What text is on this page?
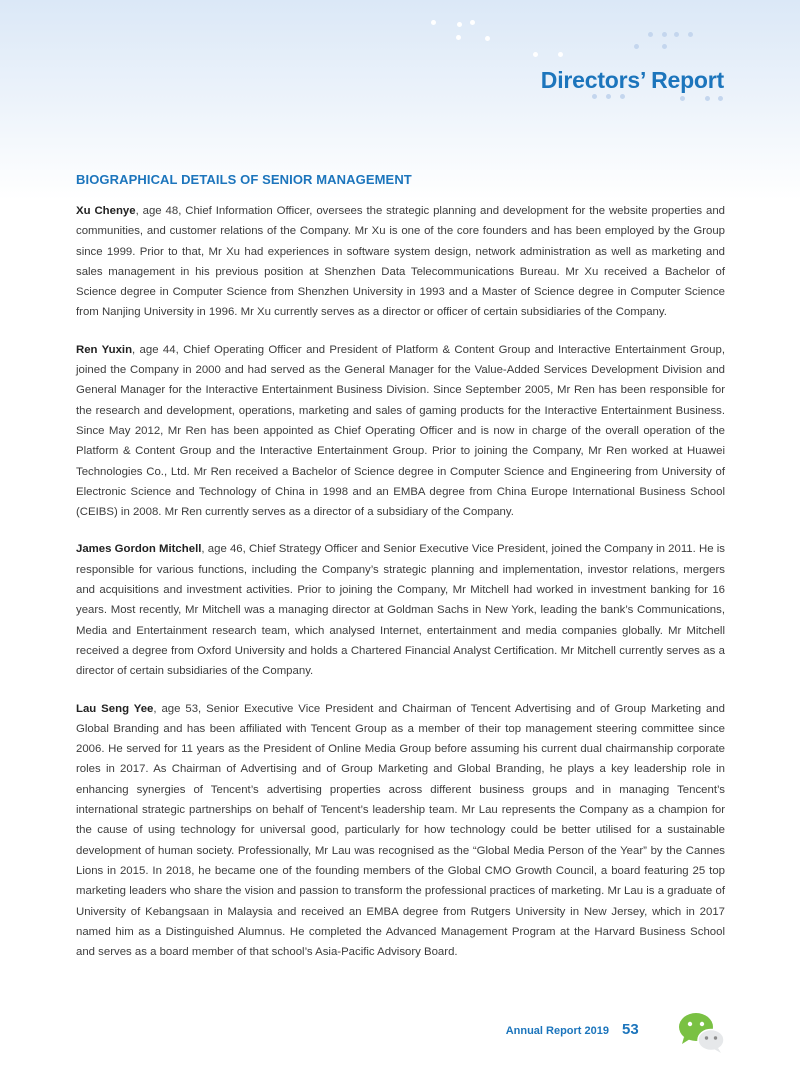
Directors’ Report
BIOGRAPHICAL DETAILS OF SENIOR MANAGEMENT

Xu Chenye, age 48, Chief Information Officer, oversees the strategic planning and development for the website properties and communities, and customer relations of the Company. Mr Xu is one of the core founders and has been employed by the Group since 1999. Prior to that, Mr Xu had experiences in software system design, network administration as well as marketing and sales management in his previous position at Shenzhen Data Telecommunications Bureau. Mr Xu received a Bachelor of Science degree in Computer Science from Shenzhen University in 1993 and a Master of Science degree in Computer Science from Nanjing University in 1996. Mr Xu currently serves as a director or officer of certain subsidiaries of the Company.

Ren Yuxin, age 44, Chief Operating Officer and President of Platform & Content Group and Interactive Entertainment Group, joined the Company in 2000 and had served as the General Manager for the Value-Added Services Development Division and General Manager for the Interactive Entertainment Business Division. Since September 2005, Mr Ren has been responsible for the research and development, operations, marketing and sales of gaming products for the Interactive Entertainment Business. Since May 2012, Mr Ren has been appointed as Chief Operating Officer and is now in charge of the overall operation of the Platform & Content Group and the Interactive Entertainment Group. Prior to joining the Company, Mr Ren worked at Huawei Technologies Co., Ltd. Mr Ren received a Bachelor of Science degree in Computer Science and Engineering from University of Electronic Science and Technology of China in 1998 and an EMBA degree from China Europe International Business School (CEIBS) in 2008. Mr Ren currently serves as a director of a subsidiary of the Company.

James Gordon Mitchell, age 46, Chief Strategy Officer and Senior Executive Vice President, joined the Company in 2011. He is responsible for various functions, including the Company’s strategic planning and implementation, investor relations, mergers and acquisitions and investment activities. Prior to joining the Company, Mr Mitchell had worked in investment banking for 16 years. Most recently, Mr Mitchell was a managing director at Goldman Sachs in New York, leading the bank’s Communications, Media and Entertainment research team, which analysed Internet, entertainment and media companies globally. Mr Mitchell received a degree from Oxford University and holds a Chartered Financial Analyst Certification. Mr Mitchell currently serves as a director of certain subsidiaries of the Company.

Lau Seng Yee, age 53, Senior Executive Vice President and Chairman of Tencent Advertising and of Group Marketing and Global Branding and has been affiliated with Tencent Group as a member of their top management steering committee since 2006. He served for 11 years as the President of Online Media Group before assuming his current dual chairmanship corporate roles in 2017. As Chairman of Advertising and of Group Marketing and Global Branding, he plays a key leadership role in enhancing synergies of Tencent’s advertising properties across different business groups and in managing Tencent’s international strategic partnerships on behalf of Tencent’s leadership team. Mr Lau represents the Company as a champion for the cause of using technology for universal good, particularly for how technology could be better utilised for a sustainable development of human society. Professionally, Mr Lau was recognised as the “Global Media Person of the Year” by the Cannes Lions in 2015. In 2018, he became one of the founding members of the Global CMO Growth Council, a board featuring 25 top marketing leaders who share the vision and passion to transform the professional practices of marketing. Mr Lau is a graduate of University of Kebangsaan in Malaysia and received an EMBA degree from Rutgers University in New Jersey, which in 2017 named him as a Distinguished Alumnus. He completed the Advanced Management Program at the Harvard Business School and serves as a board member of that school’s Asia-Pacific Advisory Board.

Annual Report 2019 53
